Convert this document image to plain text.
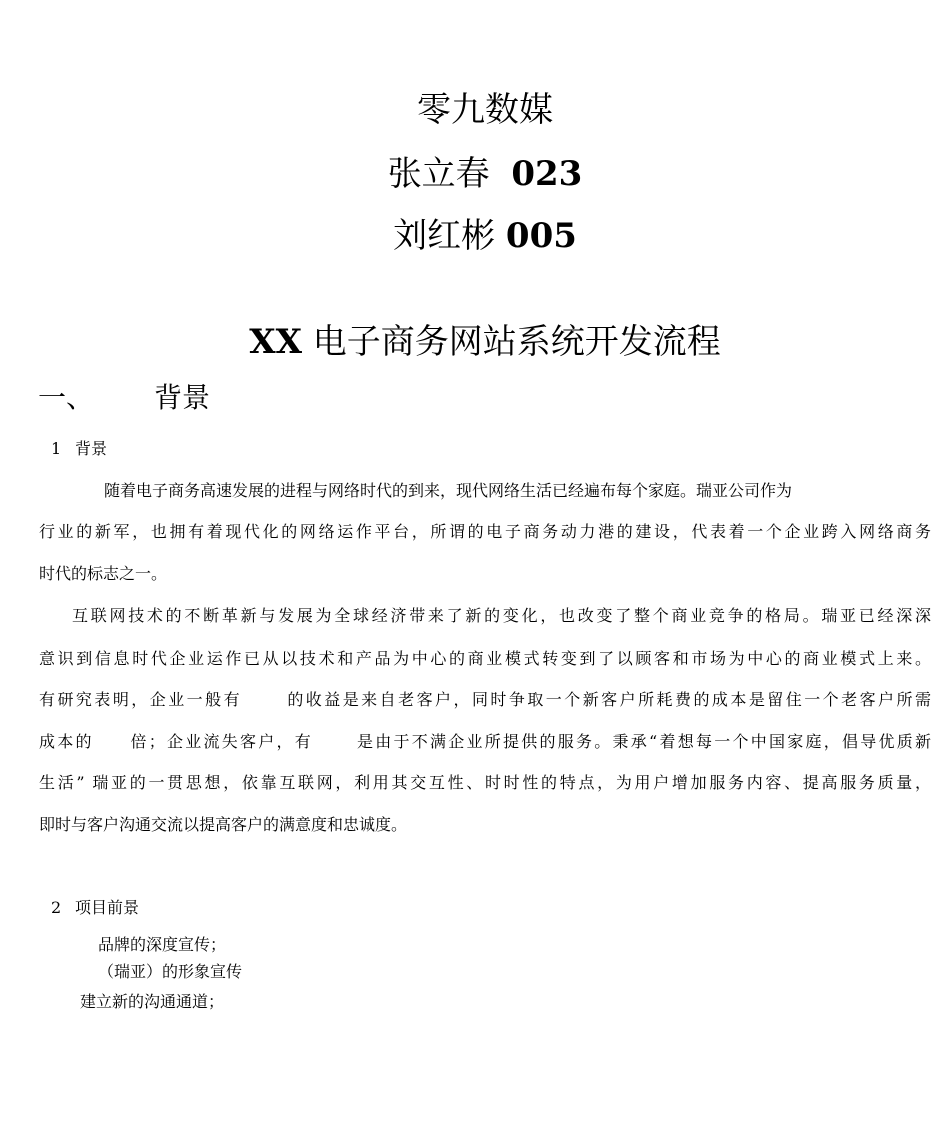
零九数媒
张立春 023
刘红彬 005
XX 电子商务网站系统开发流程
一、 背景
1 背景
随着电子商务高速发展的进程与网络时代的到来，现代网络生活已经遍布每个家庭。瑞亚公司作为
行业的新军，也拥有着现代化的网络运作平台，所谓的电子商务动力港的建设，代表着一个企业跨入网络商务
时代的标志之一。
互联网技术的不断革新与发展为全球经济带来了新的变化，也改变了整个商业竞争的格局。瑞亚已经深深
意识到信息时代企业运作已从以技术和产品为中心的商业模式转变到了以顾客和市场为中心的商业模式上来。
有研究表明，企业一般有	的收益是来自老客户，同时争取一个新客户所耗费的成本是留住一个老客户所需
成本的 倍；企业流失客户，有	是由于不满企业所提供的服务。秉承“着想每一个中国家庭，倡导优质新
生活” 瑞亚的一贯思想，依靠互联网，利用其交互性、时时性的特点，为用户增加服务内容、提高服务质量，
即时与客户沟通交流以提高客户的满意度和忠诚度。
2 项目前景
品牌的深度宣传；
（瑞亚）的形象宣传
建立新的沟通通道；
